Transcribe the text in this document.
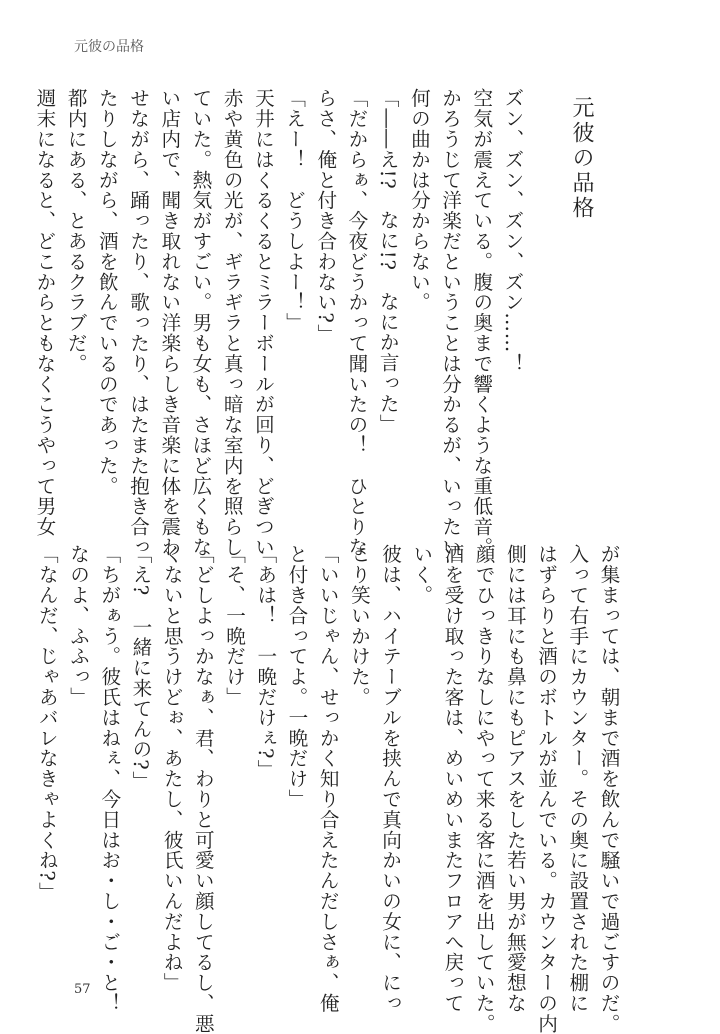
元彼の品格
元彼の品格
ズン、ズン、ズン、ズン……！
空気が震えている。腹の奥まで響くような重低音。
かろうじて洋楽だということは分かるが、いったい
何の曲かは分からない。
「――え!?　なに!?　なにか言った」
「だからぁ、今夜どうかって聞いたの！　ひとりな
らさ、俺と付き合わない?」
「えー！　どうしよー！」
天井にはくるくるとミラーボールが回り、どぎつい
赤や黄色の光が、ギラギラと真っ暗な室内を照らし
ていた。熱気がすごい。男も女も、さほど広くもな
い店内で、聞き取れない洋楽らしき音楽に体を震わ
せながら、踊ったり、歌ったり、はたまた抱き合っ
たりしながら、酒を飲んでいるのであった。
都内にある、とあるクラブだ。
週末になると、どこからともなくこうやって男女
が集まっては、朝まで酒を飲んで騒いで過ごすのだ。
入って右手にカウンター。その奥に設置された棚に
はずらりと酒のボトルが並んでいる。カウンターの内
側には耳にも鼻にもピアスをした若い男が無愛想な
顔でひっきりなしにやって来る客に酒を出していた。
酒を受け取った客は、めいめいまたフロアへ戻って
いく。
彼は、ハイテーブルを挟んで真向かいの女に、にっ
こり笑いかけた。
「いいじゃん、せっかく知り合えたんだしさぁ、俺
と付き合ってよ。一晩だけ」
「あは！　一晩だけぇ?」
「そ、一晩だけ」
「どしよっかなぁ、君、わりと可愛い顔してるし、悪
くないと思うけどぉ、あたし、彼氏いんだよね」
「え?　一緒に来てんの?」
「ちがぁう。彼氏はねぇ、今日はお・し・ご・と！
なのよ、ふふっ」
「なんだ、じゃあバレなきゃよくね?」
57
